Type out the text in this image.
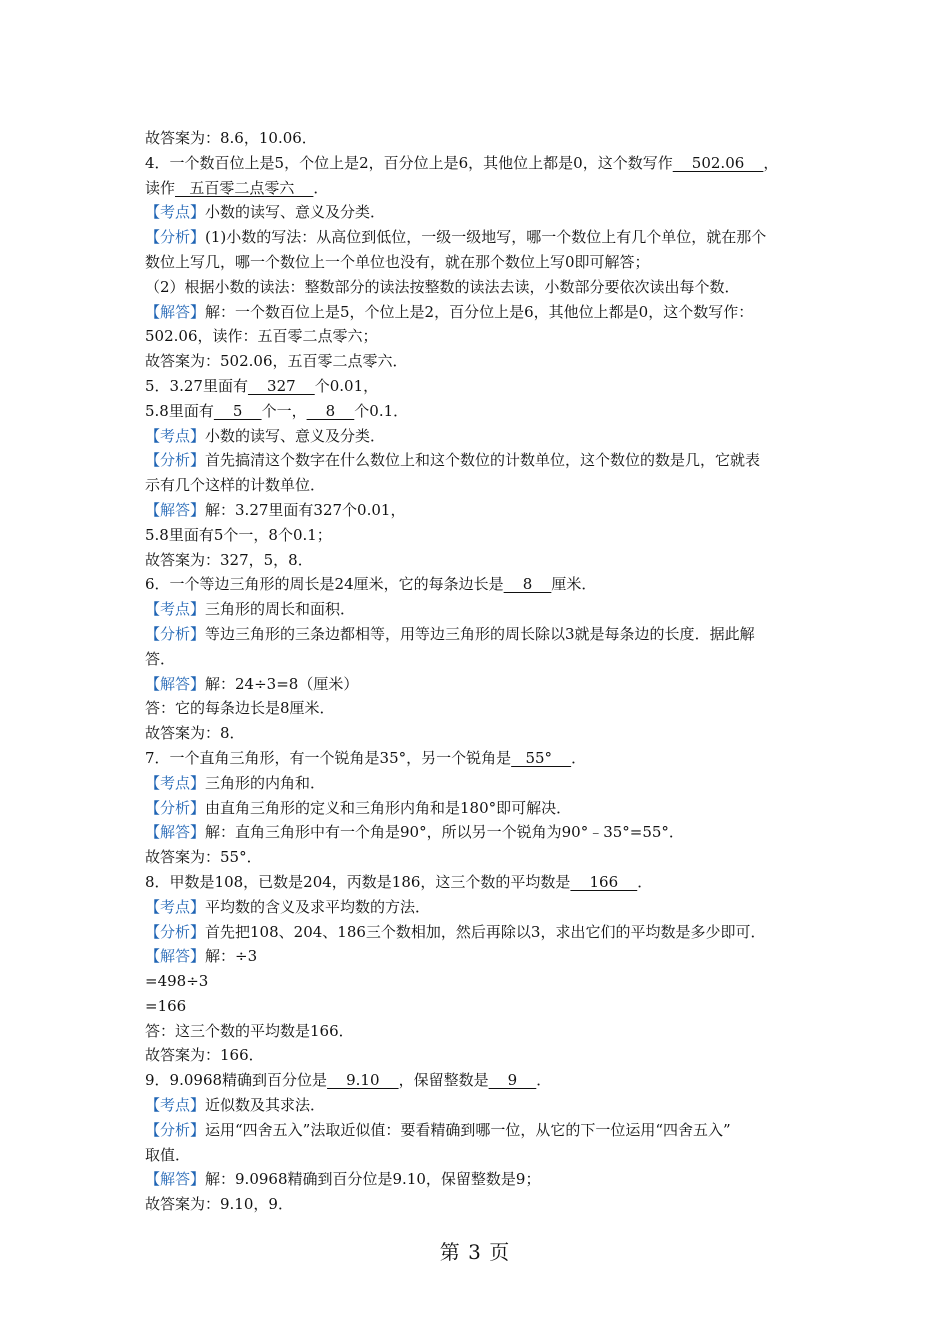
故答案为：8.6，10.06．
4．一个数百位上是5，个位上是2，百分位上是6，其他位上都是0，这个数写作    502.06    ，
读作   五百零二点零六    ．
【考点】小数的读写、意义及分类．
【分析】(1)小数的写法：从高位到低位，一级一级地写，哪一个数位上有几个单位，就在那个
数位上写几，哪一个数位上一个单位也没有，就在那个数位上写0即可解答；
（2）根据小数的读法：整数部分的读法按整数的读法去读，小数部分要依次读出每个数．
【解答】解：一个数百位上是5，个位上是2，百分位上是6，其他位上都是0，这个数写作：
502.06，读作：五百零二点零六；
故答案为：502.06，五百零二点零六．
5．3.27里面有    327    个0.01，
5.8里面有    5    个一，    8    个0.1．
【考点】小数的读写、意义及分类．
【分析】首先搞清这个数字在什么数位上和这个数位的计数单位，这个数位的数是几，它就表
示有几个这样的计数单位．
【解答】解：3.27里面有327个0.01，
5.8里面有5个一，8个0.1；
故答案为：327，5，8．
6．一个等边三角形的周长是24厘米，它的每条边长是    8    厘米．
【考点】三角形的周长和面积．
【分析】等边三角形的三条边都相等，用等边三角形的周长除以3就是每条边的长度．据此解
答．
【解答】解：24÷3=8（厘米）
答：它的每条边长是8厘米．
故答案为：8．
7．一个直角三角形，有一个锐角是35°，另一个锐角是   55°    ．
【考点】三角形的内角和．
【分析】由直角三角形的定义和三角形内角和是180°即可解决．
【解答】解：直角三角形中有一个角是90°，所以另一个锐角为90°﹣35°=55°．
故答案为：55°．
8．甲数是108，已数是204，丙数是186，这三个数的平均数是    166    ．
【考点】平均数的含义及求平均数的方法．
【分析】首先把108、204、186三个数相加，然后再除以3，求出它们的平均数是多少即可．
【解答】解：÷3
=498÷3
=166
答：这三个数的平均数是166．
故答案为：166．
9．9.0968精确到百分位是    9.10    ，保留整数是    9    ．
【考点】近似数及其求法．
【分析】运用“四舍五入”法取近似值：要看精确到哪一位，从它的下一位运用“四舍五入”
取值．
【解答】解：9.0968精确到百分位是9.10，保留整数是9；
故答案为：9.10，9．
第 3 页
